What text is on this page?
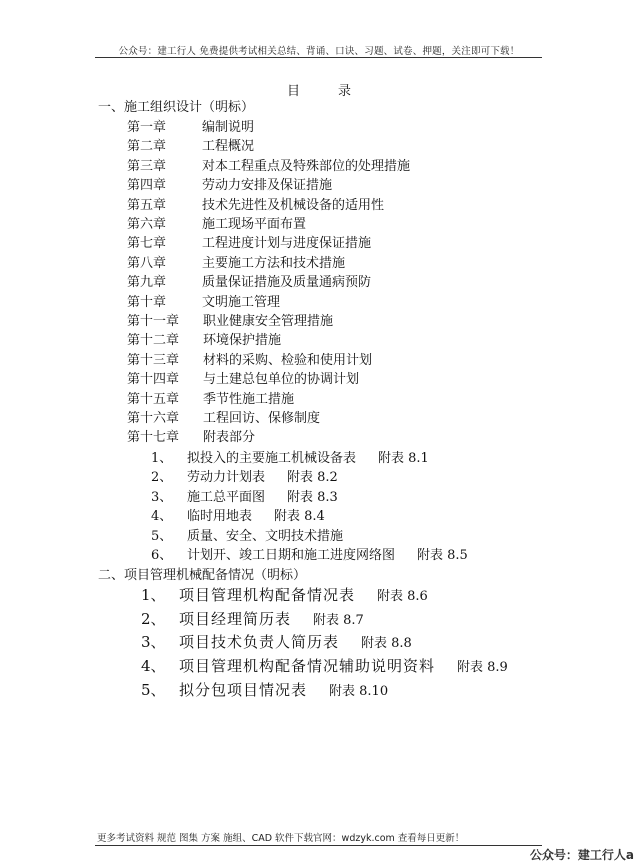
公众号：建工行人 免费提供考试相关总结、背诵、口诀、习题、试卷、押题，关注即可下载！
目录
一、施工组织设计（明标）
第一章	编制说明
第二章	工程概况
第三章	对本工程重点及特殊部位的处理措施
第四章	劳动力安排及保证措施
第五章	技术先进性及机械设备的适用性
第六章	施工现场平面布置
第七章	工程进度计划与进度保证措施
第八章	主要施工方法和技术措施
第九章	质量保证措施及质量通病预防
第十章	文明施工管理
第十一章 职业健康安全管理措施
第十二章 环境保护措施
第十三章 材料的采购、检验和使用计划
第十四章 与土建总包单位的协调计划
第十五章 季节性施工措施
第十六章 工程回访、保修制度
第十七章 附表部分
1、 拟投入的主要施工机械设备表 附表 8.1
2、 劳动力计划表 附表 8.2
3、 施工总平面图 附表 8.3
4、 临时用地表 附表 8.4
5、 质量、安全、文明技术措施
6、 计划开、竣工日期和施工进度网络图 附表 8.5
二、项目管理机械配备情况（明标）
1、 项目管理机构配备情况表 附表 8.6
2、 项目经理简历表 附表 8.7
3、 项目技术负责人简历表 附表 8.8
4、 项目管理机构配备情况辅助说明资料 附表 8.9
5、 拟分包项目情况表 附表 8.10
更多考试资料 规范 图集 方案 施组、CAD 软件下载官网：wdzyk.com 查看每日更新！
公众号：建工行人a
